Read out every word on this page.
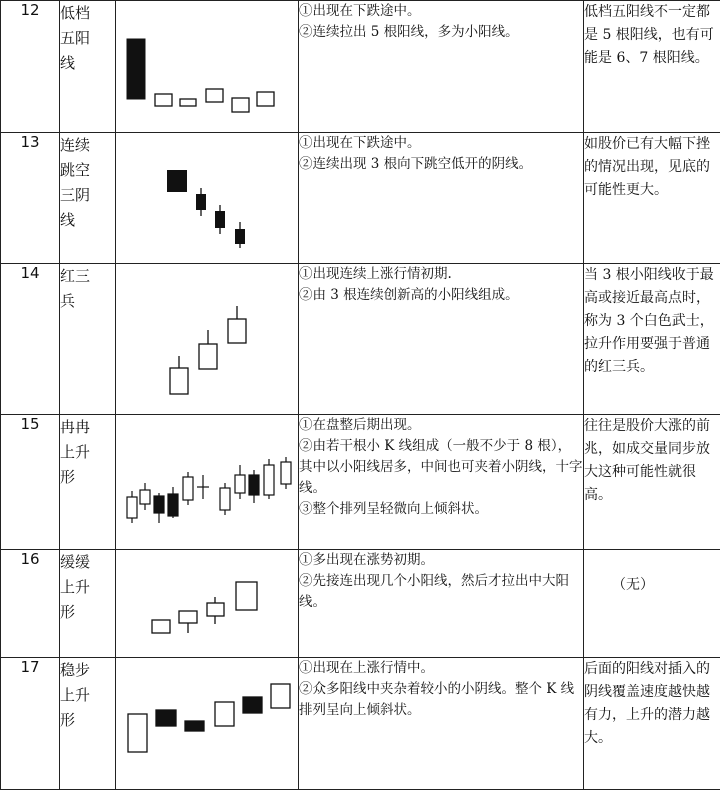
12	低档五阳线		①出现在下跌途中。
②连续拉出 5 根阳线，多为小阳线。	低档五阳线不一定都是 5 根阳线，也有可能是 6、7 根阳线。

13	连续跳空三阴线		①出现在下跌途中。
②连续出现 3 根向下跳空低开的阴线。	如股价已有大幅下挫的情况出现，见底的可能性更大。

14	红三兵		①出现连续上涨行情初期.
②由 3 根连续创新高的小阳线组成。	当 3 根小阳线收于最高或接近最高点时，称为 3 个白色武士，拉升作用要强于普通的红三兵。

15	冉冉上升形		①在盘整后期出现。
②由若干根小 K 线组成（一般不少于 8 根），其中以小阳线居多，中间也可夹着小阴线，十字线。
③整个排列呈轻微向上倾斜状。	往往是股价大涨的前兆，如成交量同步放大这种可能性就很高。

16	缓缓上升形		①多出现在涨势初期。
②先接连出现几个小阳线，然后才拉出中大阳线。	（无）

17	稳步上升形		①出现在上涨行情中。
②众多阳线中夹杂着较小的小阴线。整个 K 线排列呈向上倾斜状。	后面的阳线对插入的阴线覆盖速度越快越有力，上升的潜力越大。
